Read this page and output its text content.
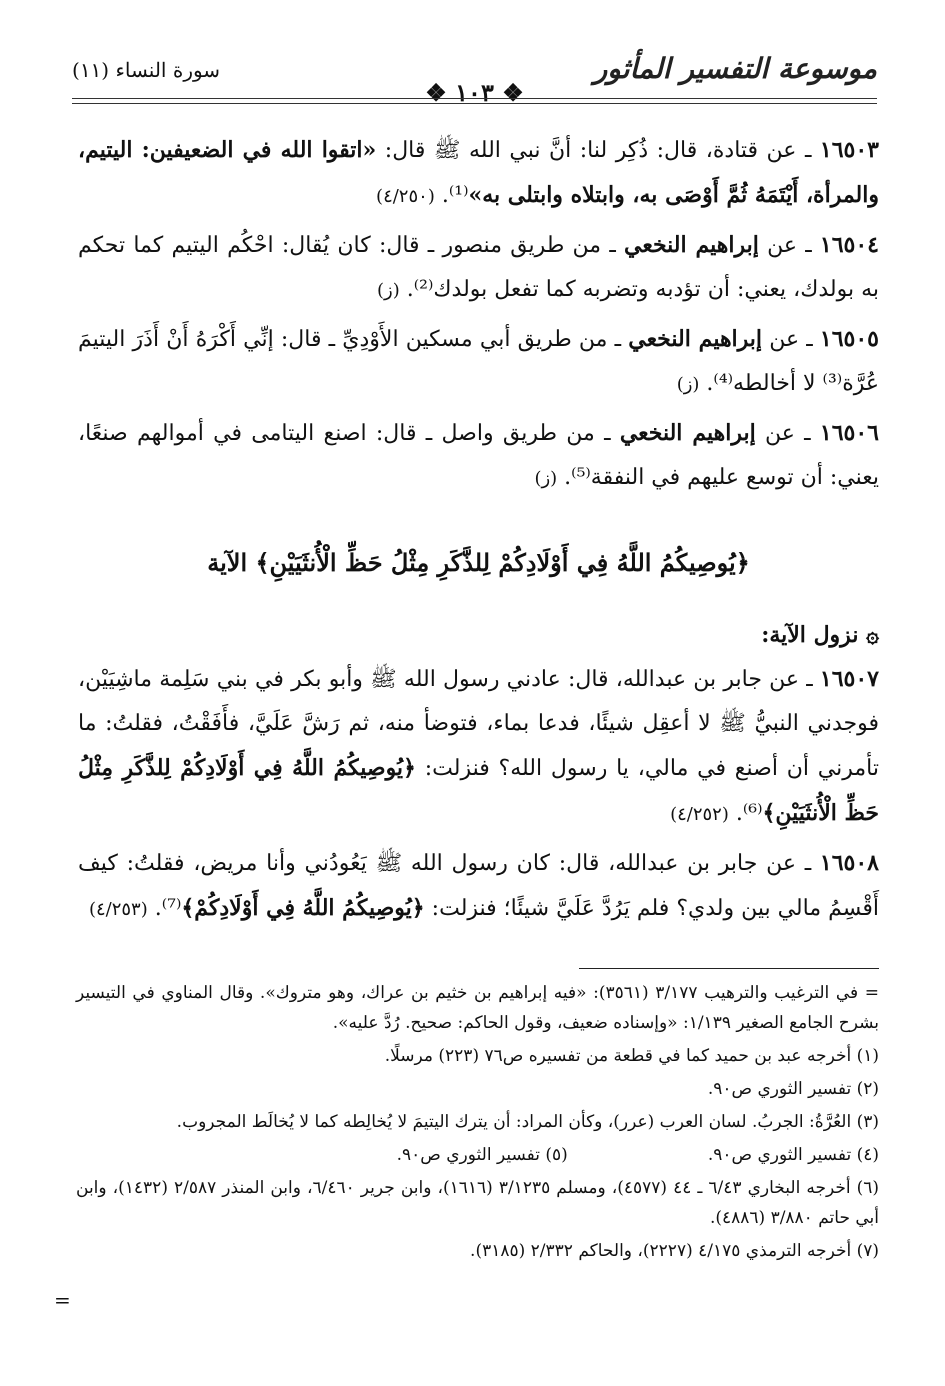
موسوعة التفسير المأثور
❖ ١٠٣ ❖
سورة النساء (١١)

١٦٥٠٣ ـ عن قتادة، قال: ذُكِر لنا: أنَّ نبي الله ﷺ قال: «اتقوا الله في الضعيفين: اليتيم، والمرأة، أَيْتَمَهُ ثُمَّ أَوْصَى به، وابتلاه وابتلى به»⁽¹⁾. (٤/٢٥٠)

١٦٥٠٤ ـ عن إبراهيم النخعي ـ من طريق منصور ـ قال: كان يُقال: احْكُم اليتيم كما تحكم به بولدك، يعني: أن تؤدبه وتضربه كما تفعل بولدك⁽²⁾. (ز)

١٦٥٠٥ ـ عن إبراهيم النخعي ـ من طريق أبي مسكين الأَوْدِيِّ ـ قال: إنِّي أَكْرَهُ أَنْ أَذَرَ اليتيمَ عُرَّة⁽³⁾ لا أخالطه⁽⁴⁾. (ز)

١٦٥٠٦ ـ عن إبراهيم النخعي ـ من طريق واصل ـ قال: اصنع اليتامى في أموالهم صنعًا، يعني: أن توسع عليهم في النفقة⁽⁵⁾. (ز)

﴿يُوصِيكُمُ اللَّهُ فِي أَوْلَادِكُمْ لِلذَّكَرِ مِثْلُ حَظِّ الْأُنثَيَيْنِ﴾ الآية
۞ نزول الآية:

١٦٥٠٧ ـ عن جابر بن عبدالله، قال: عادني رسول الله ﷺ وأبو بكر في بني سَلِمة ماشِيَيْن، فوجدني النبيُّ ﷺ لا أعقِل شيئًا، فدعا بماء، فتوضأ منه، ثم رَشَّ عَلَيَّ، فأَفَقْتُ، فقلتُ: ما تأمرني أن أصنع في مالي، يا رسول الله؟ فنزلت: ﴿يُوصِيكُمُ اللَّهُ فِي أَوْلَادِكُمْ لِلذَّكَرِ مِثْلُ حَظِّ الْأُنثَيَيْنِ﴾⁽⁶⁾. (٤/٢٥٢)

١٦٥٠٨ ـ عن جابر بن عبدالله، قال: كان رسول الله ﷺ يَعُودُني وأنا مريض، فقلتُ: كيف أَقْسِمُ مالي بين ولدي؟ فلم يَرُدَّ عَلَيَّ شيئًا؛ فنزلت: ﴿يُوصِيكُمُ اللَّهُ فِي أَوْلَادِكُمْ﴾⁽⁷⁾. (٤/٢٥٣)

= في الترغيب والترهيب ٣/١٧٧ (٣٥٦١): «فيه إبراهيم بن خثيم بن عراك، وهو متروك». وقال المناوي في التيسير بشرح الجامع الصغير ١/١٣٩: «وإسناده ضعيف، وقول الحاكم: صحيح. رُدَّ عليه».

(١) أخرجه عبد بن حميد كما في قطعة من تفسيره ص٧٦ (٢٢٣) مرسلًا.

(٢) تفسير الثوري ص٩٠.

(٣) العُرَّةُ: الجربُ. لسان العرب (عرر)، وكأن المراد: أن يترك اليتيمَ لا يُخالِطه كما لا يُخالَط المجروب.

(٤) تفسير الثوري ص٩٠.
(٥) تفسير الثوري ص٩٠.

(٦) أخرجه البخاري ٦/٤٣ ـ ٤٤ (٤٥٧٧)، ومسلم ٣/١٢٣٥ (١٦١٦)، وابن جرير ٦/٤٦٠، وابن المنذر ٢/٥٨٧ (١٤٣٢)، وابن أبي حاتم ٣/٨٨٠ (٤٨٨٦).

(٧) أخرجه الترمذي ٤/١٧٥ (٢٢٢٧)، والحاكم ٢/٣٣٢ (٣١٨٥).

=
